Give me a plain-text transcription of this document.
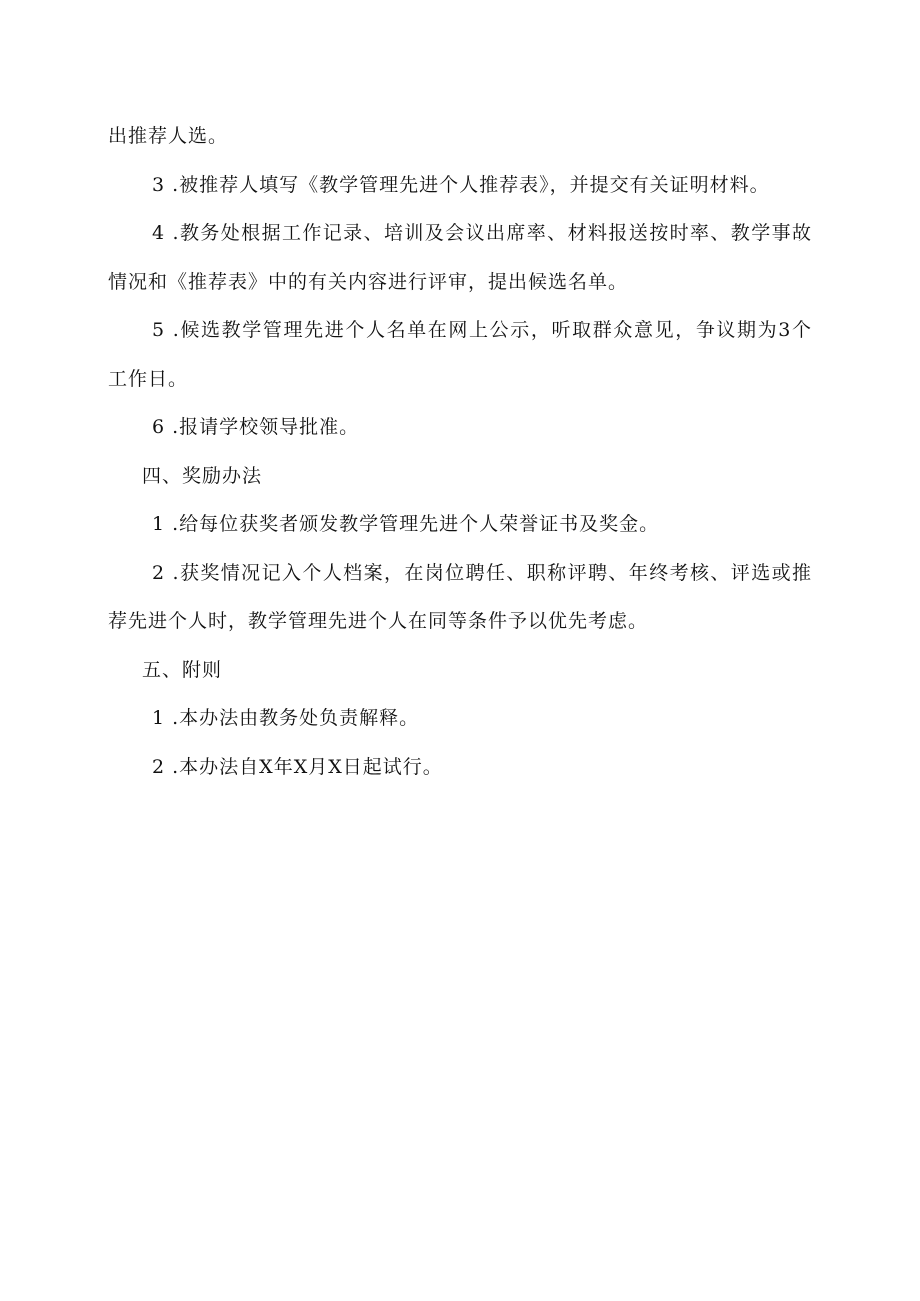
出推荐人选。

3 .被推荐人填写《教学管理先进个人推荐表》，并提交有关证明材料。

4 .教务处根据工作记录、培训及会议出席率、材料报送按时率、教学事故情况和《推荐表》中的有关内容进行评审，提出候选名单。

5 .候选教学管理先进个人名单在网上公示，听取群众意见，争议期为3个工作日。

6 .报请学校领导批准。

四、奖励办法

1 .给每位获奖者颁发教学管理先进个人荣誉证书及奖金。

2 .获奖情况记入个人档案，在岗位聘任、职称评聘、年终考核、评选或推荐先进个人时，教学管理先进个人在同等条件予以优先考虑。

五、附则

1 .本办法由教务处负责解释。

2 .本办法自X年X月X日起试行。
